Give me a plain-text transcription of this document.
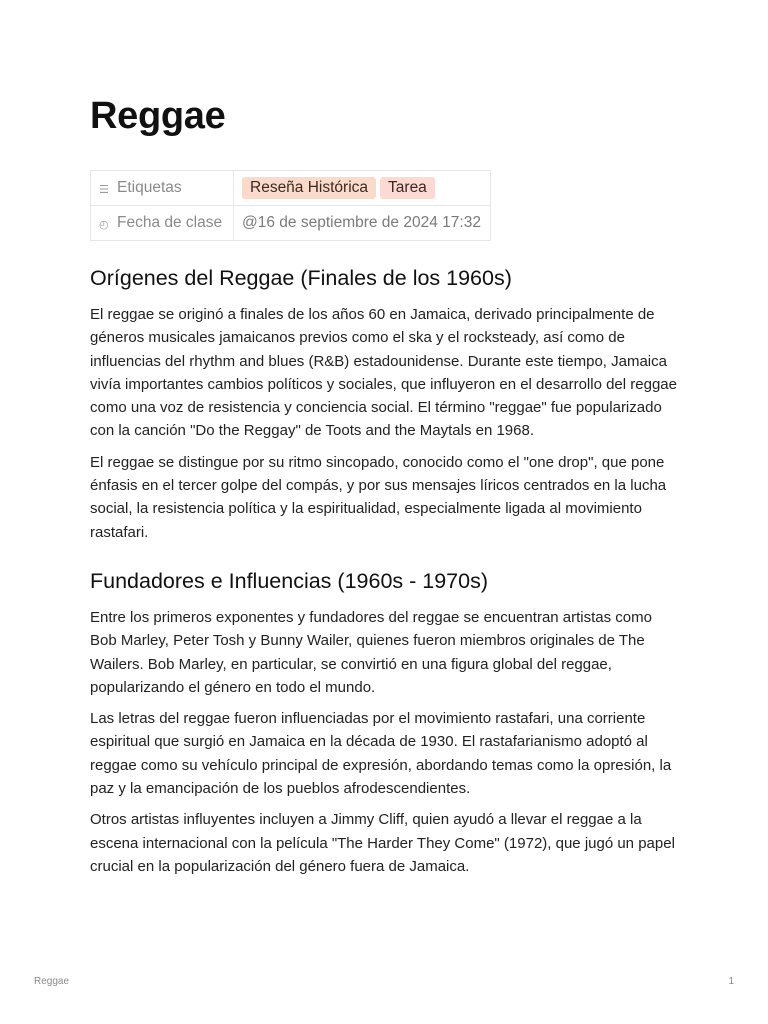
Reggae
☰ Etiquetas	Reseña Histórica Tarea
◴ Fecha de clase	@16 de septiembre de 2024 17:32
Orígenes del Reggae (Finales de los 1960s)

El reggae se originó a finales de los años 60 en Jamaica, derivado principalmente de géneros musicales jamaicanos previos como el ska y el rocksteady, así como de influencias del rhythm and blues (R&B) estadounidense. Durante este tiempo, Jamaica vivía importantes cambios políticos y sociales, que influyeron en el desarrollo del reggae como una voz de resistencia y conciencia social. El término "reggae" fue popularizado con la canción "Do the Reggay" de Toots and the Maytals en 1968.

El reggae se distingue por su ritmo sincopado, conocido como el "one drop", que pone énfasis en el tercer golpe del compás, y por sus mensajes líricos centrados en la lucha social, la resistencia política y la espiritualidad, especialmente ligada al movimiento rastafari.

Fundadores e Influencias (1960s - 1970s)

Entre los primeros exponentes y fundadores del reggae se encuentran artistas como Bob Marley, Peter Tosh y Bunny Wailer, quienes fueron miembros originales de The Wailers. Bob Marley, en particular, se convirtió en una figura global del reggae, popularizando el género en todo el mundo.

Las letras del reggae fueron influenciadas por el movimiento rastafari, una corriente espiritual que surgió en Jamaica en la década de 1930. El rastafarianismo adoptó al reggae como su vehículo principal de expresión, abordando temas como la opresión, la paz y la emancipación de los pueblos afrodescendientes.

Otros artistas influyentes incluyen a Jimmy Cliff, quien ayudó a llevar el reggae a la escena internacional con la película "The Harder They Come" (1972), que jugó un papel crucial en la popularización del género fuera de Jamaica.

Reggae	1
